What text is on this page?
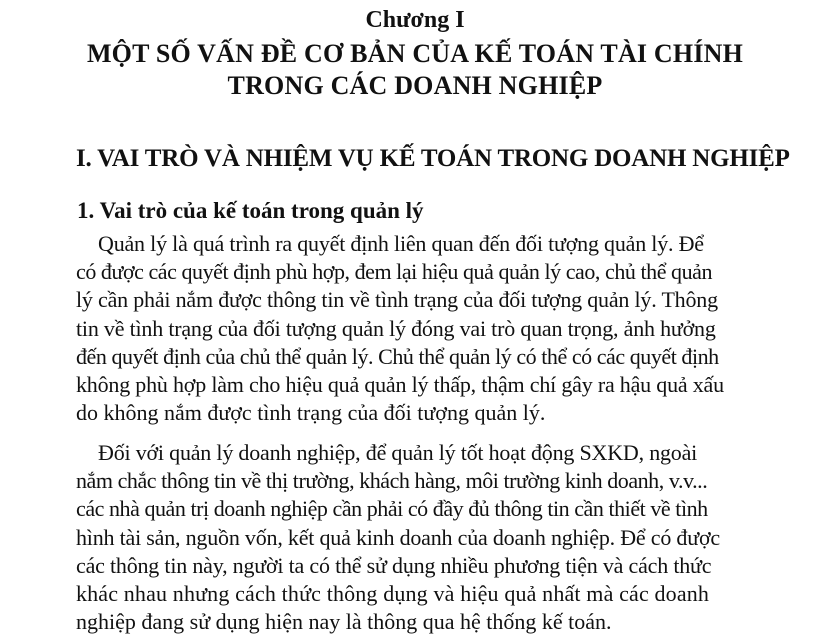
Chương I
MỘT SỐ VẤN ĐỀ CƠ BẢN CỦA KẾ TOÁN TÀI CHÍNH
TRONG CÁC DOANH NGHIỆP
I. VAI TRÒ VÀ NHIỆM VỤ KẾ TOÁN TRONG DOANH NGHIỆP
1. Vai trò của kế toán trong quản lý
Quản lý là quá trình ra quyết định liên quan đến đối tượng quản lý. Để
có được các quyết định phù hợp, đem lại hiệu quả quản lý cao, chủ thể quản
lý cần phải nắm được thông tin về tình trạng của đối tượng quản lý. Thông
tin về tình trạng của đối tượng quản lý đóng vai trò quan trọng, ảnh hưởng
đến quyết định của chủ thể quản lý. Chủ thể quản lý có thể có các quyết định
không phù hợp làm cho hiệu quả quản lý thấp, thậm chí gây ra hậu quả xấu
do không nắm được tình trạng của đối tượng quản lý.
Đối với quản lý doanh nghiệp, để quản lý tốt hoạt động SXKD, ngoài
nắm chắc thông tin về thị trường, khách hàng, môi trường kinh doanh, v.v...
các nhà quản trị doanh nghiệp cần phải có đầy đủ thông tin cần thiết về tình
hình tài sản, nguồn vốn, kết quả kinh doanh của doanh nghiệp. Để có được
các thông tin này, người ta có thể sử dụng nhiều phương tiện và cách thức
khác nhau nhưng cách thức thông dụng và hiệu quả nhất mà các doanh
nghiệp đang sử dụng hiện nay là thông qua hệ thống kế toán.
